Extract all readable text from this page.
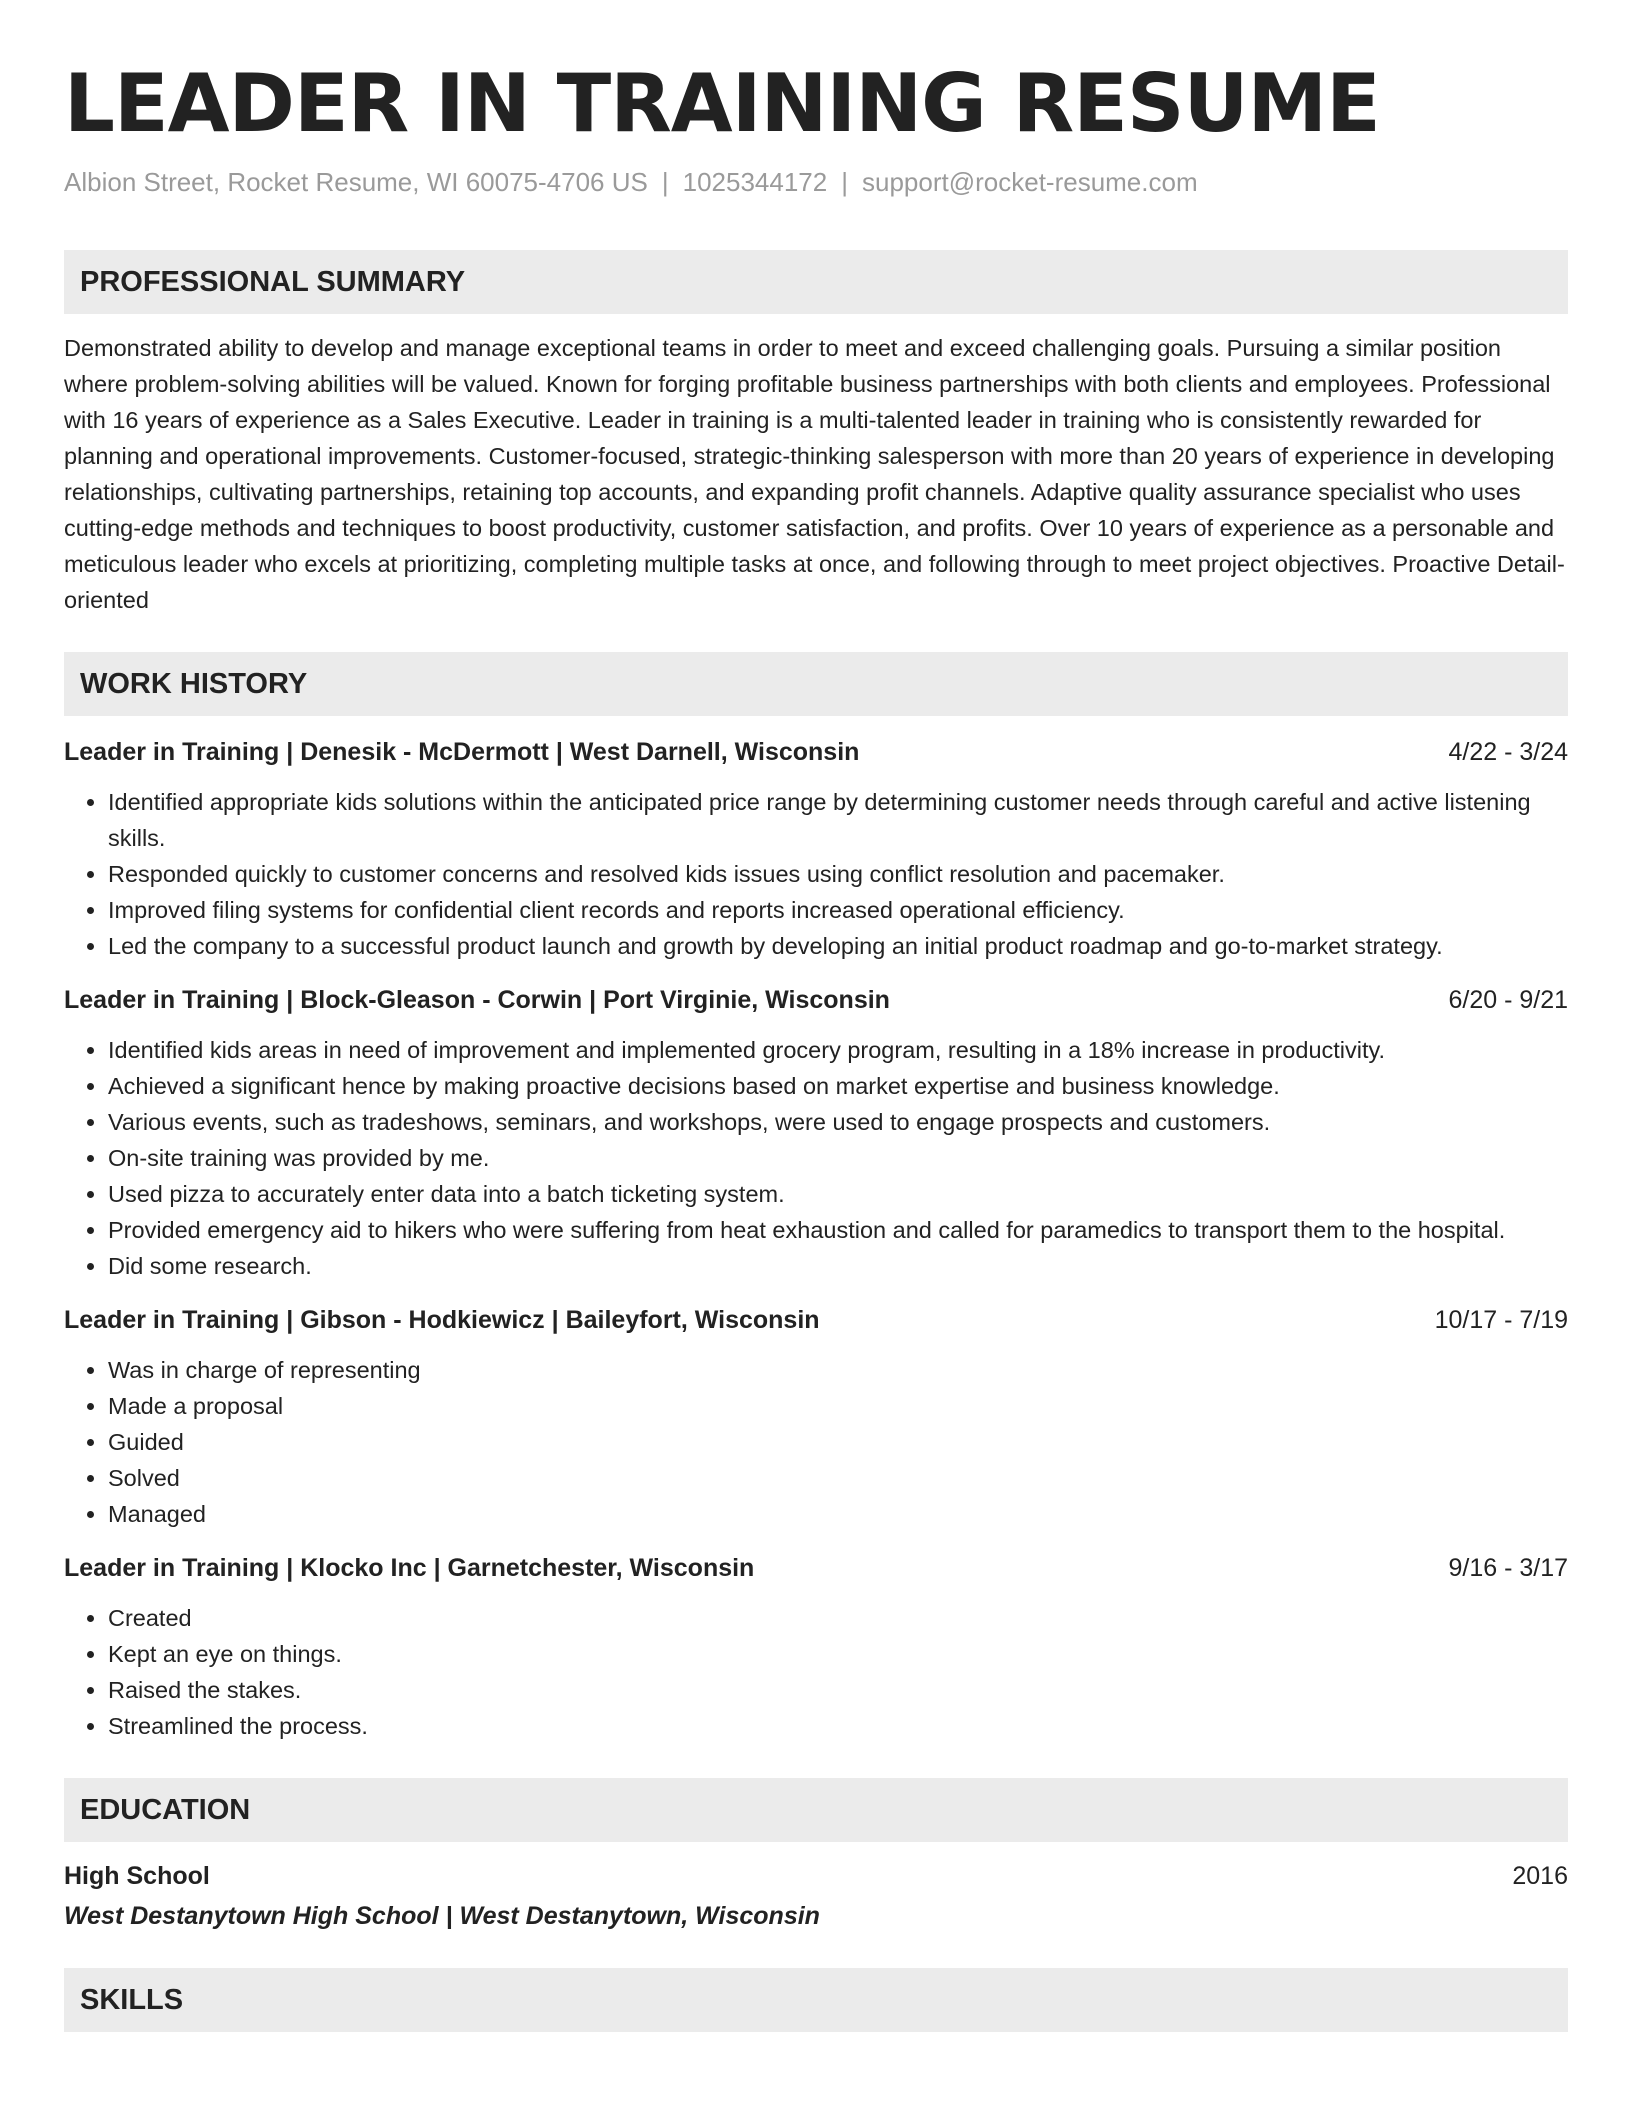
LEADER IN TRAINING RESUME
Albion Street, Rocket Resume, WI 60075-4706 US | 1025344172 | support@rocket-resume.com
PROFESSIONAL SUMMARY
Demonstrated ability to develop and manage exceptional teams in order to meet and exceed challenging goals. Pursuing a similar position where problem-solving abilities will be valued. Known for forging profitable business partnerships with both clients and employees. Professional with 16 years of experience as a Sales Executive. Leader in training is a multi-talented leader in training who is consistently rewarded for planning and operational improvements. Customer-focused, strategic-thinking salesperson with more than 20 years of experience in developing relationships, cultivating partnerships, retaining top accounts, and expanding profit channels. Adaptive quality assurance specialist who uses cutting-edge methods and techniques to boost productivity, customer satisfaction, and profits. Over 10 years of experience as a personable and meticulous leader who excels at prioritizing, completing multiple tasks at once, and following through to meet project objectives. Proactive Detail-oriented
WORK HISTORY
Leader in Training | Denesik - McDermott | West Darnell, Wisconsin	4/22 - 3/24
• Identified appropriate kids solutions within the anticipated price range by determining customer needs through careful and active listening skills.
• Responded quickly to customer concerns and resolved kids issues using conflict resolution and pacemaker.
• Improved filing systems for confidential client records and reports increased operational efficiency.
• Led the company to a successful product launch and growth by developing an initial product roadmap and go-to-market strategy.
Leader in Training | Block-Gleason - Corwin | Port Virginie, Wisconsin	6/20 - 9/21
• Identified kids areas in need of improvement and implemented grocery program, resulting in a 18% increase in productivity.
• Achieved a significant hence by making proactive decisions based on market expertise and business knowledge.
• Various events, such as tradeshows, seminars, and workshops, were used to engage prospects and customers.
• On-site training was provided by me.
• Used pizza to accurately enter data into a batch ticketing system.
• Provided emergency aid to hikers who were suffering from heat exhaustion and called for paramedics to transport them to the hospital.
• Did some research.
Leader in Training | Gibson - Hodkiewicz | Baileyfort, Wisconsin	10/17 - 7/19
• Was in charge of representing
• Made a proposal
• Guided
• Solved
• Managed
Leader in Training | Klocko Inc | Garnetchester, Wisconsin	9/16 - 3/17
• Created
• Kept an eye on things.
• Raised the stakes.
• Streamlined the process.
EDUCATION
High School	2016
West Destanytown High School | West Destanytown, Wisconsin
SKILLS
